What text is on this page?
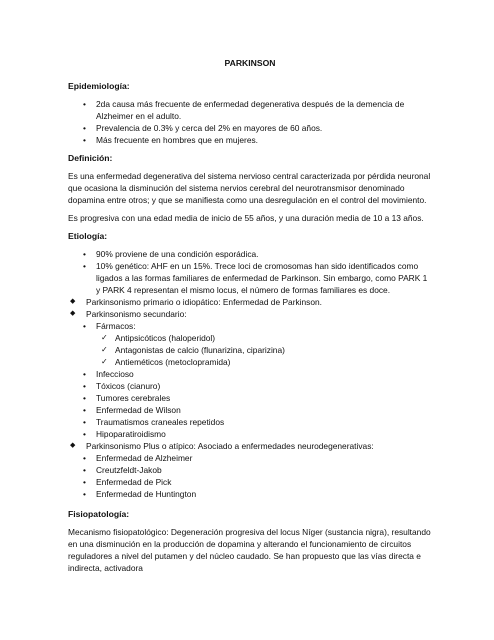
PARKINSON
Epidemiología:
• 2da causa más frecuente de enfermedad degenerativa después de la demencia de Alzheimer en el adulto.
• Prevalencia de 0.3% y cerca del 2% en mayores de 60 años.
• Más frecuente en hombres que en mujeres.
Definición:

Es una enfermedad degenerativa del sistema nervioso central caracterizada por pérdida neuronal que ocasiona la disminución del sistema nervios cerebral del neurotransmisor denominado dopamina entre otros; y que se manifiesta como una desregulación en el control del movimiento.

Es progresiva con una edad media de inicio de 55 años, y una duración media de 10 a 13 años.

Etiología:
• 90% proviene de una condición esporádica.
• 10% genético: AHF en un 15%. Trece loci de cromosomas han sido identificados como ligados a las formas familiares de enfermedad de Parkinson. Sin embargo, como PARK 1 y PARK 4 representan el mismo locus, el número de formas familiares es doce.
◆ Parkinsonismo primario o idiopático: Enfermedad de Parkinson.
◆ Parkinsonismo secundario:
• Fármacos:
✓ Antipsicóticos (haloperidol)
✓ Antagonistas de calcio (flunarizina, ciparizina)
✓ Antieméticos (metoclopramida)
• Infeccioso
• Tóxicos (cianuro)
• Tumores cerebrales
• Enfermedad de Wilson
• Traumatismos craneales repetidos
• Hipoparatiroidismo
◆ Parkinsonismo Plus o atípico: Asociado a enfermedades neurodegenerativas:
• Enfermedad de Alzheimer
• Creutzfeldt-Jakob
• Enfermedad de Pick
• Enfermedad de Huntington
Fisiopatología:

Mecanismo fisiopatológico: Degeneración progresiva del locus Níger (sustancia nigra), resultando en una disminución en la producción de dopamina y alterando el funcionamiento de circuitos reguladores a nivel del putamen y del núcleo caudado. Se han propuesto que las vías directa e indirecta, activadora
